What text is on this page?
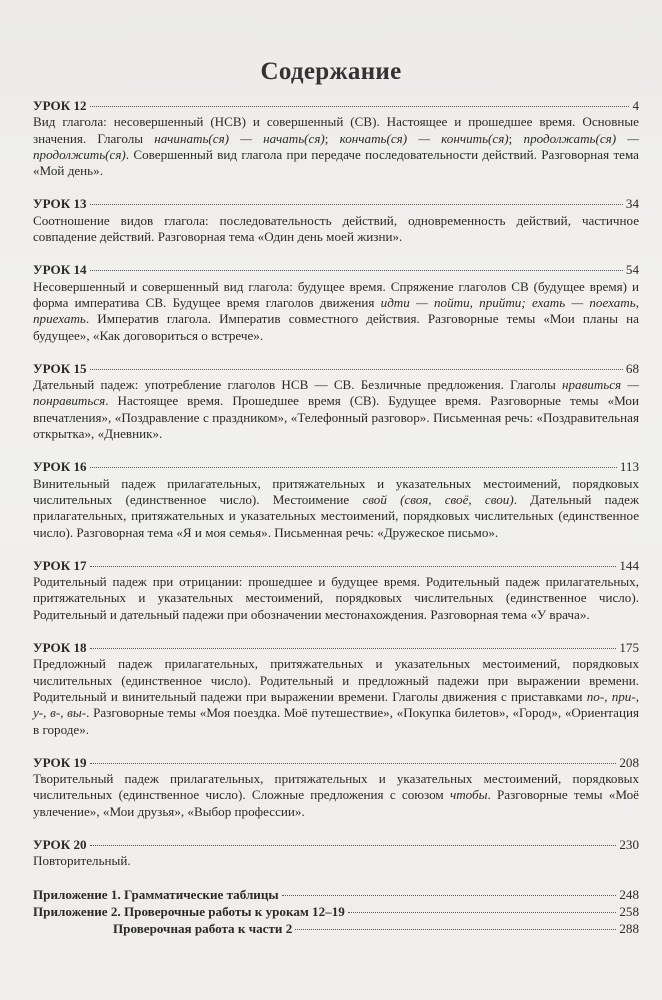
Содержание
УРОК 12	4
Вид глагола: несовершенный (НСВ) и совершенный (СВ). Настоящее и прошедшее время. Основные значения. Глаголы начинать(ся) — начать(ся); кончать(ся) — кончить(ся); продолжать(ся) — продолжить(ся). Совершенный вид глагола при передаче последовательности действий. Разговорная тема «Мой день».
УРОК 13	34
Соотношение видов глагола: последовательность действий, одновременность действий, частичное совпадение действий. Разговорная тема «Один день моей жизни».
УРОК 14	54
Несовершенный и совершенный вид глагола: будущее время. Спряжение глаголов СВ (будущее время) и форма императива СВ. Будущее время глаголов движения идти — пойти, прийти; ехать — поехать, приехать. Императив глагола. Императив совместного действия. Разговорные темы «Мои планы на будущее», «Как договориться о встрече».
УРОК 15	68
Дательный падеж: употребление глаголов НСВ — СВ. Безличные предложения. Глаголы нравиться — понравиться. Настоящее время. Прошедшее время (СВ). Будущее время. Разговорные темы «Мои впечатления», «Поздравление с праздником», «Телефонный разговор». Письменная речь: «Поздравительная открытка», «Дневник».
УРОК 16	113
Винительный падеж прилагательных, притяжательных и указательных местоимений, порядковых числительных (единственное число). Местоимение свой (своя, своё, свои). Дательный падеж прилагательных, притяжательных и указательных местоимений, порядковых числительных (единственное число). Разговорная тема «Я и моя семья». Письменная речь: «Дружеское письмо».
УРОК 17	144
Родительный падеж при отрицании: прошедшее и будущее время. Родительный падеж прилагательных, притяжательных и указательных местоимений, порядковых числительных (единственное число). Родительный и дательный падежи при обозначении местонахождения. Разговорная тема «У врача».
УРОК 18	175
Предложный падеж прилагательных, притяжательных и указательных местоимений, порядковых числительных (единственное число). Родительный и предложный падежи при выражении времени. Родительный и винительный падежи при выражении времени. Глаголы движения с приставками по-, при-, у-, в-, вы-. Разговорные темы «Моя поездка. Моё путешествие», «Покупка билетов», «Город», «Ориентация в городе».
УРОК 19	208
Творительный падеж прилагательных, притяжательных и указательных местоимений, порядковых числительных (единственное число). Сложные предложения с союзом чтобы. Разговорные темы «Моё увлечение», «Мои друзья», «Выбор профессии».
УРОК 20	230
Повторительный.
Приложение 1. Грамматические таблицы	248
Приложение 2. Проверочные работы к урокам 12–19	258
Проверочная работа к части 2	288
